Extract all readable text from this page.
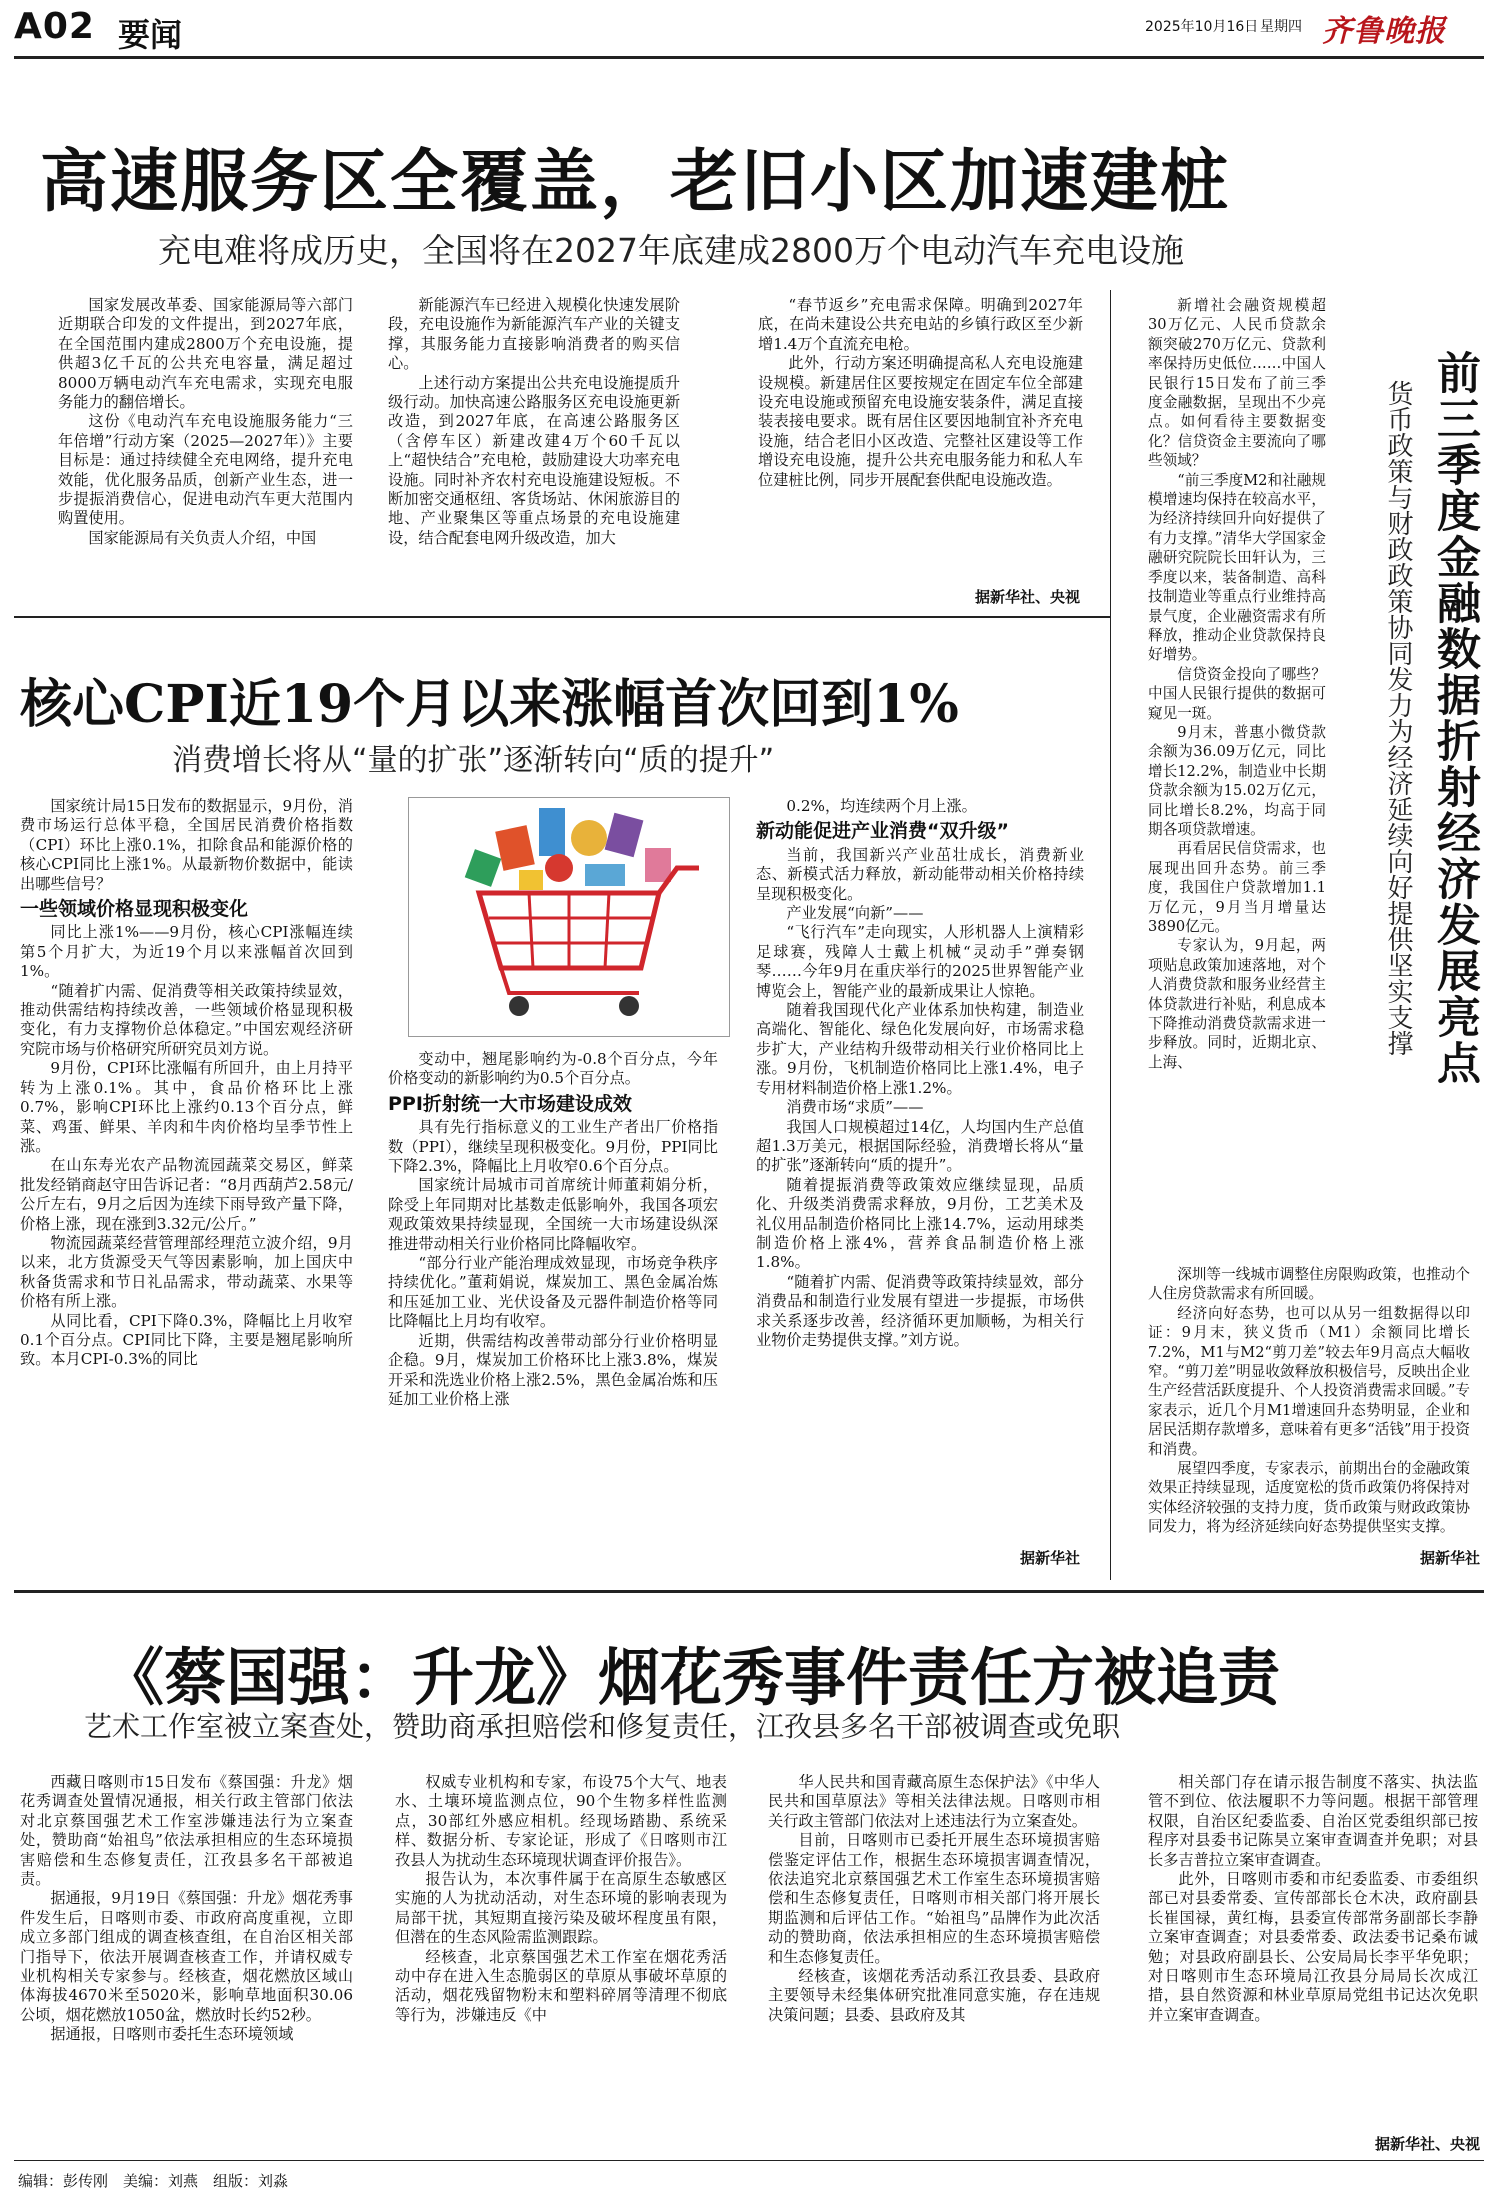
A02 要闻	2025年10月16日 星期四 齐鲁晚报
高速服务区全覆盖，老旧小区加速建桩
充电难将成历史，全国将在2027年底建成2800万个电动汽车充电设施

国家发展改革委、国家能源局等六部门近期联合印发的文件提出，到2027年底，在全国范围内建成2800万个充电设施，提供超3亿千瓦的公共充电容量，满足超过8000万辆电动汽车充电需求，实现充电服务能力的翻倍增长。

这份《电动汽车充电设施服务能力“三年倍增”行动方案（2025—2027年）》主要目标是：通过持续健全充电网络，提升充电效能，优化服务品质，创新产业生态，进一步提振消费信心，促进电动汽车更大范围内购置使用。

国家能源局有关负责人介绍，中国

新能源汽车已经进入规模化快速发展阶段，充电设施作为新能源汽车产业的关键支撑，其服务能力直接影响消费者的购买信心。

上述行动方案提出公共充电设施提质升级行动。加快高速公路服务区充电设施更新改造，到2027年底，在高速公路服务区（含停车区）新建改建4万个60千瓦以上“超快结合”充电枪，鼓励建设大功率充电设施。同时补齐农村充电设施建设短板。不断加密交通枢纽、客货场站、休闲旅游目的地、产业聚集区等重点场景的充电设施建设，结合配套电网升级改造，加大

“春节返乡”充电需求保障。明确到2027年底，在尚未建设公共充电站的乡镇行政区至少新增1.4万个直流充电枪。

此外，行动方案还明确提高私人充电设施建设规模。新建居住区要按规定在固定车位全部建设充电设施或预留充电设施安装条件，满足直接装表接电要求。既有居住区要因地制宜补齐充电设施，结合老旧小区改造、完整社区建设等工作增设充电设施，提升公共充电服务能力和私人车位建桩比例，同步开展配套供配电设施改造。

据新华社、央视
核心CPI近19个月以来涨幅首次回到1%
消费增长将从“量的扩张”逐渐转向“质的提升”

国家统计局15日发布的数据显示，9月份，消费市场运行总体平稳，全国居民消费价格指数（CPI）环比上涨0.1%，扣除食品和能源价格的核心CPI同比上涨1%。从最新物价数据中，能读出哪些信号？

一些领域价格显现积极变化

同比上涨1%——9月份，核心CPI涨幅连续第5个月扩大，为近19个月以来涨幅首次回到1%。

“随着扩内需、促消费等相关政策持续显效，推动供需结构持续改善，一些领域价格显现积极变化，有力支撑物价总体稳定。”中国宏观经济研究院市场与价格研究所研究员刘方说。

9月份，CPI环比涨幅有所回升，由上月持平转为上涨0.1%。其中，食品价格环比上涨0.7%，影响CPI环比上涨约0.13个百分点，鲜菜、鸡蛋、鲜果、羊肉和牛肉价格均呈季节性上涨。

在山东寿光农产品物流园蔬菜交易区，鲜菜批发经销商赵守田告诉记者：“8月西葫芦2.58元/公斤左右，9月之后因为连续下雨导致产量下降，价格上涨，现在涨到3.32元/公斤。”

物流园蔬菜经营管理部经理范立波介绍，9月以来，北方货源受天气等因素影响，加上国庆中秋备货需求和节日礼品需求，带动蔬菜、水果等价格有所上涨。

从同比看，CPI下降0.3%，降幅比上月收窄0.1个百分点。CPI同比下降，主要是翘尾影响所致。本月CPI-0.3%的同比

变动中，翘尾影响约为-0.8个百分点，今年价格变动的新影响约为0.5个百分点。

PPI折射统一大市场建设成效

具有先行指标意义的工业生产者出厂价格指数（PPI），继续呈现积极变化。9月份，PPI同比下降2.3%，降幅比上月收窄0.6个百分点。

国家统计局城市司首席统计师董莉娟分析，除受上年同期对比基数走低影响外，我国各项宏观政策效果持续显现，全国统一大市场建设纵深推进带动相关行业价格同比降幅收窄。

“部分行业产能治理成效显现，市场竞争秩序持续优化。”董莉娟说，煤炭加工、黑色金属冶炼和压延加工业、光伏设备及元器件制造价格等同比降幅比上月均有收窄。

近期，供需结构改善带动部分行业价格明显企稳。9月，煤炭加工价格环比上涨3.8%，煤炭开采和洗选业价格上涨2.5%，黑色金属冶炼和压延加工业价格上涨

0.2%，均连续两个月上涨。

新动能促进产业消费“双升级”

当前，我国新兴产业茁壮成长，消费新业态、新模式活力释放，新动能带动相关价格持续呈现积极变化。

产业发展“向新”——

“飞行汽车”走向现实，人形机器人上演精彩足球赛，残障人士戴上机械“灵动手”弹奏钢琴……今年9月在重庆举行的2025世界智能产业博览会上，智能产业的最新成果让人惊艳。

随着我国现代化产业体系加快构建，制造业高端化、智能化、绿色化发展向好，市场需求稳步扩大，产业结构升级带动相关行业价格同比上涨。9月份，飞机制造价格同比上涨1.4%，电子专用材料制造价格上涨1.2%。

消费市场“求质”——

我国人口规模超过14亿，人均国内生产总值超1.3万美元，根据国际经验，消费增长将从“量的扩张”逐渐转向“质的提升”。

随着提振消费等政策效应继续显现，品质化、升级类消费需求释放，9月份，工艺美术及礼仪用品制造价格同比上涨14.7%，运动用球类制造价格上涨4%，营养食品制造价格上涨1.8%。

“随着扩内需、促消费等政策持续显效，部分消费品和制造行业发展有望进一步提振，市场供求关系逐步改善，经济循环更加顺畅，为相关行业物价走势提供支撑。”刘方说。

据新华社

新增社会融资规模超30万亿元、人民币贷款余额突破270万亿元、贷款利率保持历史低位……中国人民银行15日发布了前三季度金融数据，呈现出不少亮点。如何看待主要数据变化？信贷资金主要流向了哪些领域？

“前三季度M2和社融规模增速均保持在较高水平，为经济持续回升向好提供了有力支撑。”清华大学国家金融研究院院长田轩认为，三季度以来，装备制造、高科技制造业等重点行业维持高景气度，企业融资需求有所释放，推动企业贷款保持良好增势。

信贷资金投向了哪些？中国人民银行提供的数据可窥见一斑。

9月末，普惠小微贷款余额为36.09万亿元，同比增长12.2%，制造业中长期贷款余额为15.02万亿元，同比增长8.2%，均高于同期各项贷款增速。

再看居民信贷需求，也展现出回升态势。前三季度，我国住户贷款增加1.1万亿元，9月当月增量达3890亿元。

专家认为，9月起，两项贴息政策加速落地，对个人消费贷款和服务业经营主体贷款进行补贴，利息成本下降推动消费贷款需求进一步释放。同时，近期北京、上海、	前三季度金融数据折射经济发展亮点
货币政策与财政政策协同发力为经济延续向好提供坚实支撑

深圳等一线城市调整住房限购政策，也推动个人住房贷款需求有所回暖。

经济向好态势，也可以从另一组数据得以印证：9月末，狭义货币（M1）余额同比增长7.2%，M1与M2“剪刀差”较去年9月高点大幅收窄。“剪刀差”明显收敛释放积极信号，反映出企业生产经营活跃度提升、个人投资消费需求回暖。”专家表示，近几个月M1增速回升态势明显，企业和居民活期存款增多，意味着有更多“活钱”用于投资和消费。

展望四季度，专家表示，前期出台的金融政策效果正持续显现，适度宽松的货币政策仍将保持对实体经济较强的支持力度，货币政策与财政政策协同发力，将为经济延续向好态势提供坚实支撑。

据新华社
《蔡国强：升龙》烟花秀事件责任方被追责
艺术工作室被立案查处，赞助商承担赔偿和修复责任，江孜县多名干部被调查或免职

西藏日喀则市15日发布《蔡国强：升龙》烟花秀调查处置情况通报，相关行政主管部门依法对北京蔡国强艺术工作室涉嫌违法行为立案查处，赞助商“始祖鸟”依法承担相应的生态环境损害赔偿和生态修复责任，江孜县多名干部被追责。

据通报，9月19日《蔡国强：升龙》烟花秀事件发生后，日喀则市委、市政府高度重视，立即成立多部门组成的调查核查组，在自治区相关部门指导下，依法开展调查核查工作，并请权威专业机构相关专家参与。经核查，烟花燃放区域山体海拔4670米至5020米，影响草地面积30.06公顷，烟花燃放1050盆，燃放时长约52秒。

据通报，日喀则市委托生态环境领域

权威专业机构和专家，布设75个大气、地表水、土壤环境监测点位，90个生物多样性监测点，30部红外感应相机。经现场踏勘、系统采样、数据分析、专家论证，形成了《日喀则市江孜县人为扰动生态环境现状调查评价报告》。

报告认为，本次事件属于在高原生态敏感区实施的人为扰动活动，对生态环境的影响表现为局部干扰，其短期直接污染及破坏程度虽有限，但潜在的生态风险需监测跟踪。

经核查，北京蔡国强艺术工作室在烟花秀活动中存在进入生态脆弱区的草原从事破坏草原的活动，烟花残留物粉末和塑料碎屑等清理不彻底等行为，涉嫌违反《中

华人民共和国青藏高原生态保护法》《中华人民共和国草原法》等相关法律法规。日喀则市相关行政主管部门依法对上述违法行为立案查处。

目前，日喀则市已委托开展生态环境损害赔偿鉴定评估工作，根据生态环境损害调查情况，依法追究北京蔡国强艺术工作室生态环境损害赔偿和生态修复责任，日喀则市相关部门将开展长期监测和后评估工作。“始祖鸟”品牌作为此次活动的赞助商，依法承担相应的生态环境损害赔偿和生态修复责任。

经核查，该烟花秀活动系江孜县委、县政府主要领导未经集体研究批准同意实施，存在违规决策问题；县委、县政府及其

相关部门存在请示报告制度不落实、执法监管不到位、依法履职不力等问题。根据干部管理权限，自治区纪委监委、自治区党委组织部已按程序对县委书记陈昊立案审查调查并免职；对县长多吉普拉立案审查调查。

此外，日喀则市委和市纪委监委、市委组织部已对县委常委、宣传部部长仓木决，政府副县长崔国禄，黄红梅，县委宣传部常务副部长李静立案审查调查；对县委常委、政法委书记桑布诚勉；对县政府副县长、公安局局长李平华免职；对日喀则市生态环境局江孜县分局局长次成江措，县自然资源和林业草原局党组书记达次免职并立案审查调查。

据新华社、央视
编辑：彭传刚　美编：刘燕　组版：刘淼
